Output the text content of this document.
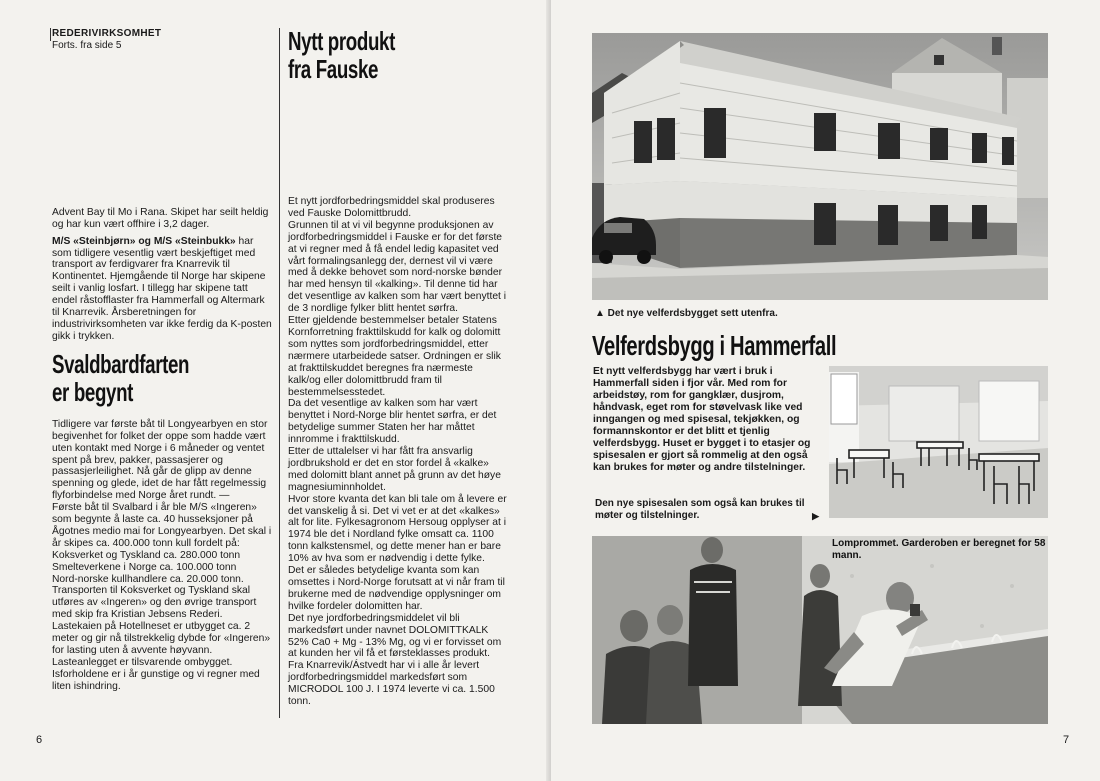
REDERIVIRKSOMHET
Forts. fra side 5

Advent Bay til Mo i Rana. Skipet har seilt heldig og har kun vært offhire i 3,2 dager.

M/S «Steinbjørn» og M/S «Steinbukk» har som tidligere vesentlig vært beskjeftiget med transport av ferdigvarer fra Knarrevik til Kontinentet. Hjemgående til Norge har skipene seilt i vanlig losfart. I tillegg har skipene tatt endel råstofflaster fra Hammerfall og Altermark til Knarrevik. Årsberetningen for industrivirksomheten var ikke ferdig da K-posten gikk i trykken.

Svaldbardfarten
er begynt

Tidligere var første båt til Longyearbyen en stor begivenhet for folket der oppe som hadde vært uten kontakt med Norge i 6 måneder og ventet spent på brev, pakker, passasjerer og passasjerleilighet. Nå går de glipp av denne spenning og glede, idet de har fått regelmessig flyforbindelse med Norge året rundt. —

Første båt til Svalbard i år ble M/S «Ingeren» som begynte å laste ca. 40 husseksjoner på Ågotnes medio mai for Longyearbyen. Det skal i år skipes ca. 400.000 tonn kull fordelt på:

Koksverket og Tyskland ca. 280.000 tonn
Smelteverkene i Norge ca. 100.000 tonn
Nord-norske kullhandlere ca. 20.000 tonn.

Transporten til Koksverket og Tyskland skal utføres av «Ingeren» og den øvrige transport med skip fra Kristian Jebsens Rederi.

Lastekaien på Hotellneset er utbygget ca. 2 meter og gir nå tilstrekkelig dybde for «Ingeren» for lasting uten å avvente høyvann. Lasteanlegget er tilsvarende ombygget.

Isforholdene er i år gunstige og vi regner med liten ishindring.

Nytt produkt
fra Fauske

Et nytt jordforbedringsmiddel skal produseres ved Fauske Dolomittbrudd.

Grunnen til at vi vil begynne produksjonen av jordforbedringsmiddel i Fauske er for det første at vi regner med å få endel ledig kapasitet ved vårt formalingsanlegg der, dernest vil vi være med å dekke behovet som nord-norske bønder har med hensyn til «kalking». Til denne tid har det vesentlige av kalken som har vært benyttet i de 3 nordlige fylker blitt hentet sørfra.

Etter gjeldende bestemmelser betaler Statens Kornforretning frakttilskudd for kalk og dolomitt som nyttes som jordforbedringsmiddel, etter nærmere utarbeidede satser. Ordningen er slik at frakttilskuddet beregnes fra nærmeste kalk/og eller dolomittbrudd fram til bestemmelsesstedet.

Da det vesentlige av kalken som har vært benyttet i Nord-Norge blir hentet sørfra, er det betydelige summer Staten her har måttet innromme i frakttilskudd.

Etter de uttalelser vi har fått fra ansvarlig jordbrukshold er det en stor fordel å «kalke» med dolomitt blant annet på grunn av det høye magnesiuminnholdet.

Hvor store kvanta det kan bli tale om å levere er det vanskelig å si. Det vi vet er at det «kalkes» alt for lite. Fylkesagronom Hersoug opplyser at i 1974 ble det i Nordland fylke omsatt ca. 1100 tonn kalkstensmel, og dette mener han er bare 10% av hva som er nødvendig i dette fylke.

Det er således betydelige kvanta som kan omsettes i Nord-Norge forutsatt at vi når fram til brukerne med de nødvendige opplysninger om hvilke fordeler dolomitten har.

Det nye jordforbedringsmiddelet vil bli markedsført under navnet DOLOMITTKALK 52% Ca0 + Mg - 13% Mg, og vi er forvisset om at kunden her vil få et førsteklasses produkt.

Fra Knarrevik/Ástvedt har vi i alle år levert jordforbedringsmiddel markedsført som MICRODOL 100 J. I 1974 leverte vi ca. 1.500 tonn.

6
▲ Det nye velferdsbygget sett utenfra.
Velferdsbygg i Hammerfall
Et nytt velferdsbygg har vært i bruk i Hammerfall siden i fjor vår. Med rom for arbeidstøy, rom for gangklær, dusjrom, håndvask, eget rom for støvelvask like ved inngangen og med spisesal, tekjøkken, og formannskontor er det blitt et tjenlig velferdsbygg. Huset er bygget i to etasjer og spisesalen er gjort så rommelig at den også kan brukes for møter og andre tilstelninger.
Den nye spisesalen som også kan brukes til møter og tilstelninger.	▶
Lomprommet. Garderoben er beregnet for 58 mann.
7
